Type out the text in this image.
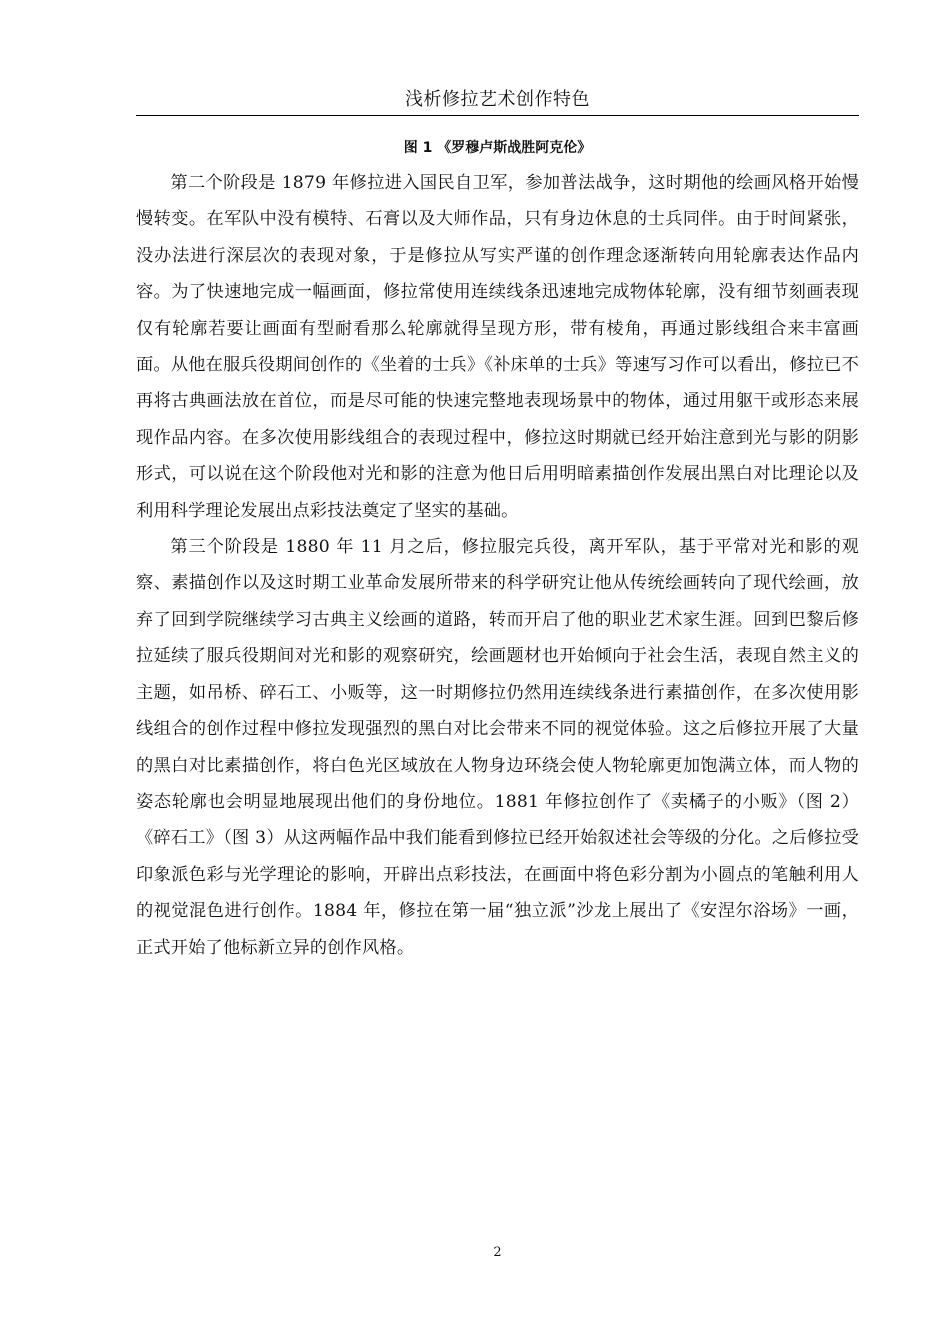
浅析修拉艺术创作特色
图 1 《罗穆卢斯战胜阿克伦》

第二个阶段是 1879 年修拉进入国民自卫军，参加普法战争，这时期他的绘画风格开始慢慢转变。在军队中没有模特、石膏以及大师作品，只有身边休息的士兵同伴。由于时间紧张，没办法进行深层次的表现对象，于是修拉从写实严谨的创作理念逐渐转向用轮廓表达作品内容。为了快速地完成一幅画面，修拉常使用连续线条迅速地完成物体轮廓，没有细节刻画表现仅有轮廓若要让画面有型耐看那么轮廓就得呈现方形，带有棱角，再通过影线组合来丰富画面。从他在服兵役期间创作的《坐着的士兵》《补床单的士兵》等速写习作可以看出，修拉已不再将古典画法放在首位，而是尽可能的快速完整地表现场景中的物体，通过用躯干或形态来展现作品内容。在多次使用影线组合的表现过程中，修拉这时期就已经开始注意到光与影的阴影形式，可以说在这个阶段他对光和影的注意为他日后用明暗素描创作发展出黑白对比理论以及利用科学理论发展出点彩技法奠定了坚实的基础。

第三个阶段是 1880 年 11 月之后，修拉服完兵役，离开军队，基于平常对光和影的观察、素描创作以及这时期工业革命发展所带来的科学研究让他从传统绘画转向了现代绘画，放弃了回到学院继续学习古典主义绘画的道路，转而开启了他的职业艺术家生涯。回到巴黎后修拉延续了服兵役期间对光和影的观察研究，绘画题材也开始倾向于社会生活，表现自然主义的主题，如吊桥、碎石工、小贩等，这一时期修拉仍然用连续线条进行素描创作，在多次使用影线组合的创作过程中修拉发现强烈的黑白对比会带来不同的视觉体验。这之后修拉开展了大量的黑白对比素描创作，将白色光区域放在人物身边环绕会使人物轮廓更加饱满立体，而人物的姿态轮廓也会明显地展现出他们的身份地位。1881 年修拉创作了《卖橘子的小贩》（图 2）《碎石工》（图 3）从这两幅作品中我们能看到修拉已经开始叙述社会等级的分化。之后修拉受印象派色彩与光学理论的影响，开辟出点彩技法，在画面中将色彩分割为小圆点的笔触利用人的视觉混色进行创作。1884 年，修拉在第一届“独立派”沙龙上展出了《安涅尔浴场》一画，正式开始了他标新立异的创作风格。

2
